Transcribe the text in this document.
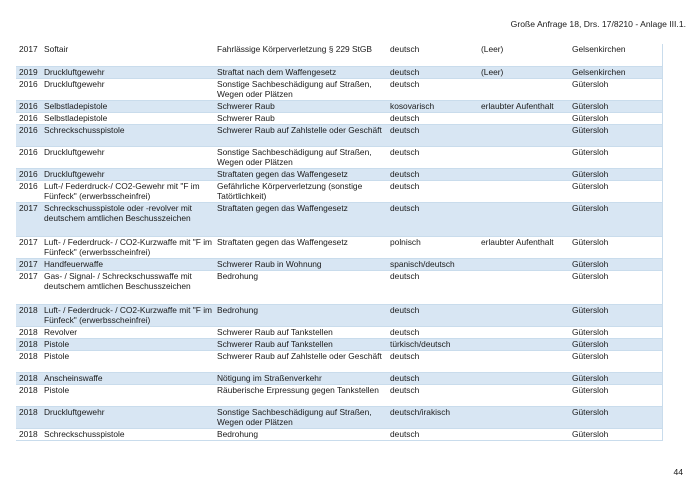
Große Anfrage 18, Drs. 17/8210 - Anlage III.1.
2017	Softair	Fahrlässige Körperverletzung § 229 StGB	deutsch	(Leer)	Gelsenkirchen
2019	Druckluftgewehr	Straftat nach dem Waffengesetz	deutsch	(Leer)	Gelsenkirchen
2016	Druckluftgewehr	Sonstige Sachbeschädigung auf Straßen, Wegen oder Plätzen	deutsch		Gütersloh
2016	Selbstladepistole	Schwerer Raub	kosovarisch	erlaubter Aufenthalt	Gütersloh
2016	Selbstladepistole	Schwerer Raub	deutsch		Gütersloh
2016	Schreckschusspistole	Schwerer Raub auf Zahlstelle oder Geschäft	deutsch		Gütersloh
2016	Druckluftgewehr	Sonstige Sachbeschädigung auf Straßen, Wegen oder Plätzen	deutsch		Gütersloh
2016	Druckluftgewehr	Straftaten gegen das Waffengesetz	deutsch		Gütersloh
2016	Luft-/ Federdruck-/ CO2-Gewehr mit "F im Fünfeck" (erwerbsscheinfrei)	Gefährliche Körperverletzung (sonstige Tatörtlichkeit)	deutsch		Gütersloh
2017	Schreckschusspistole oder -revolver mit deutschem amtlichen Beschusszeichen	Straftaten gegen das Waffengesetz	deutsch		Gütersloh
2017	Luft- / Federdruck- / CO2-Kurzwaffe mit "F im Fünfeck" (erwerbsscheinfrei)	Straftaten gegen das Waffengesetz	polnisch	erlaubter Aufenthalt	Gütersloh
2017	Handfeuerwaffe	Schwerer Raub in Wohnung	spanisch/deutsch		Gütersloh
2017	Gas- / Signal- / Schreckschusswaffe mit deutschem amtlichen Beschusszeichen	Bedrohung	deutsch		Gütersloh
2018	Luft- / Federdruck- / CO2-Kurzwaffe mit "F im Fünfeck" (erwerbsscheinfrei)	Bedrohung	deutsch		Gütersloh
2018	Revolver	Schwerer Raub auf Tankstellen	deutsch		Gütersloh
2018	Pistole	Schwerer Raub auf Tankstellen	türkisch/deutsch		Gütersloh
2018	Pistole	Schwerer Raub auf Zahlstelle oder Geschäft	deutsch		Gütersloh
2018	Anscheinswaffe	Nötigung im Straßenverkehr	deutsch		Gütersloh
2018	Pistole	Räuberische Erpressung gegen Tankstellen	deutsch		Gütersloh
2018	Druckluftgewehr	Sonstige Sachbeschädigung auf Straßen, Wegen oder Plätzen	deutsch/irakisch		Gütersloh
2018	Schreckschusspistole	Bedrohung	deutsch		Gütersloh
44
